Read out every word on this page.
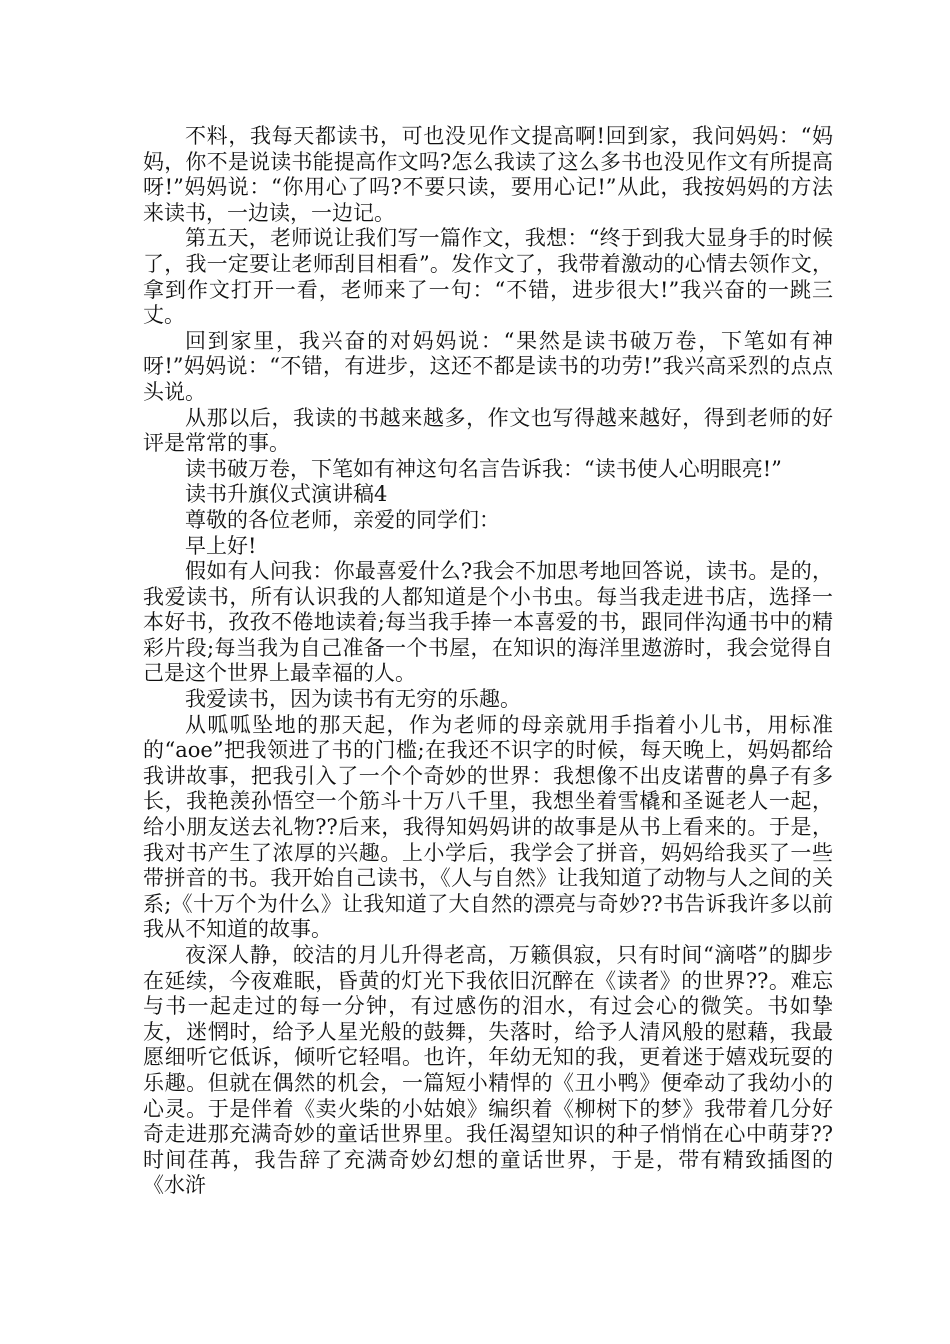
不料，我每天都读书，可也没见作文提高啊!回到家，我问妈妈：“妈妈，你不是说读书能提高作文吗?怎么我读了这么多书也没见作文有所提高呀!”妈妈说：“你用心了吗?不要只读，要用心记!”从此，我按妈妈的方法来读书，一边读，一边记。

第五天，老师说让我们写一篇作文，我想：“终于到我大显身手的时候了，我一定要让老师刮目相看”。发作文了，我带着激动的心情去领作文，拿到作文打开一看，老师来了一句：“不错，进步很大!”我兴奋的一跳三丈。

回到家里，我兴奋的对妈妈说：“果然是读书破万卷，下笔如有神呀!”妈妈说：“不错，有进步，这还不都是读书的功劳!”我兴高采烈的点点头说。

从那以后，我读的书越来越多，作文也写得越来越好，得到老师的好评是常常的事。

读书破万卷，下笔如有神这句名言告诉我：“读书使人心明眼亮!”

读书升旗仪式演讲稿4

尊敬的各位老师，亲爱的同学们：

早上好!

假如有人问我：你最喜爱什么?我会不加思考地回答说，读书。是的，我爱读书，所有认识我的人都知道是个小书虫。每当我走进书店，选择一本好书，孜孜不倦地读着;每当我手捧一本喜爱的书，跟同伴沟通书中的精彩片段;每当我为自己准备一个书屋，在知识的海洋里遨游时，我会觉得自己是这个世界上最幸福的人。

我爱读书，因为读书有无穷的乐趣。

从呱呱坠地的那天起，作为老师的母亲就用手指着小儿书，用标准的“aoe”把我领进了书的门槛;在我还不识字的时候，每天晚上，妈妈都给我讲故事，把我引入了一个个奇妙的世界：我想像不出皮诺曹的鼻子有多长，我艳羡孙悟空一个筋斗十万八千里，我想坐着雪橇和圣诞老人一起，给小朋友送去礼物??后来，我得知妈妈讲的故事是从书上看来的。于是，我对书产生了浓厚的兴趣。上小学后，我学会了拼音，妈妈给我买了一些带拼音的书。我开始自己读书，《人与自然》让我知道了动物与人之间的关系;《十万个为什么》让我知道了大自然的漂亮与奇妙??书告诉我许多以前我从不知道的故事。

夜深人静，皎洁的月儿升得老高，万籁俱寂，只有时间“滴嗒”的脚步在延续，今夜难眠，昏黄的灯光下我依旧沉醉在《读者》的世界??。难忘与书一起走过的每一分钟，有过感伤的泪水，有过会心的微笑。书如挚友，迷惘时，给予人星光般的鼓舞，失落时，给予人清风般的慰藉，我最愿细听它低诉，倾听它轻唱。也许，年幼无知的我，更着迷于嬉戏玩耍的乐趣。但就在偶然的机会，一篇短小精悍的《丑小鸭》便牵动了我幼小的心灵。于是伴着《卖火柴的小姑娘》编织着《柳树下的梦》我带着几分好奇走进那充满奇妙的童话世界里。我任渴望知识的种子悄悄在心中萌芽??时间荏苒，我告辞了充满奇妙幻想的童话世界，于是，带有精致插图的《水浒
